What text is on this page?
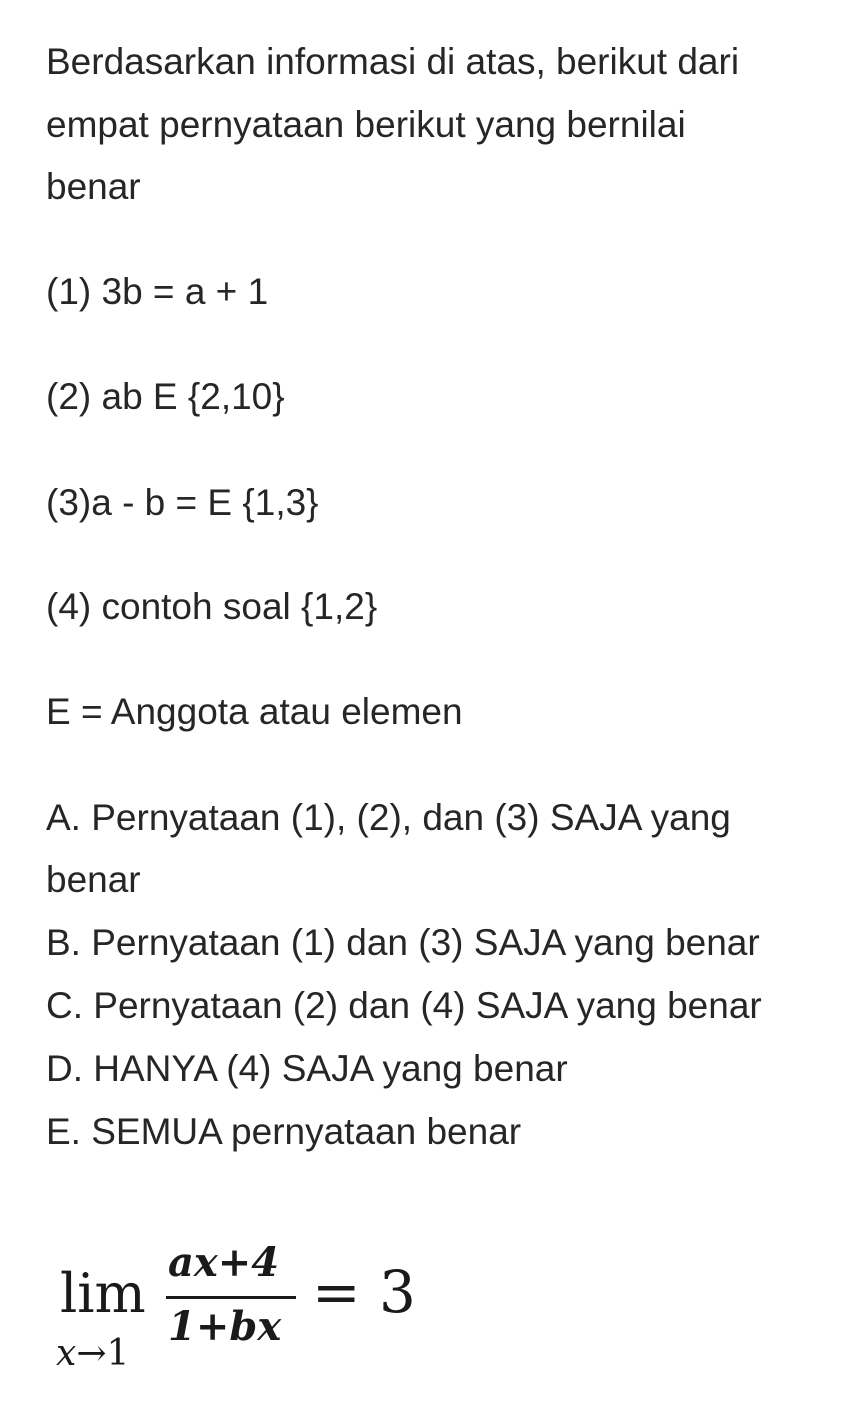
Berdasarkan informasi di atas, berikut dari
empat pernyataan berikut yang bernilai
benar
(1) 3b = a + 1
(2) ab E {2,10}
(3)a - b = E {1,3}
(4) contoh soal {1,2}
E = Anggota atau elemen
A. Pernyataan (1), (2), dan (3) SAJA yang
benar
B. Pernyataan (1) dan (3) SAJA yang benar
C. Pernyataan (2) dan (4) SAJA yang benar
D. HANYA (4) SAJA yang benar
E. SEMUA pernyataan benar
lim
x→1
ax+4
1+bx
= 3
